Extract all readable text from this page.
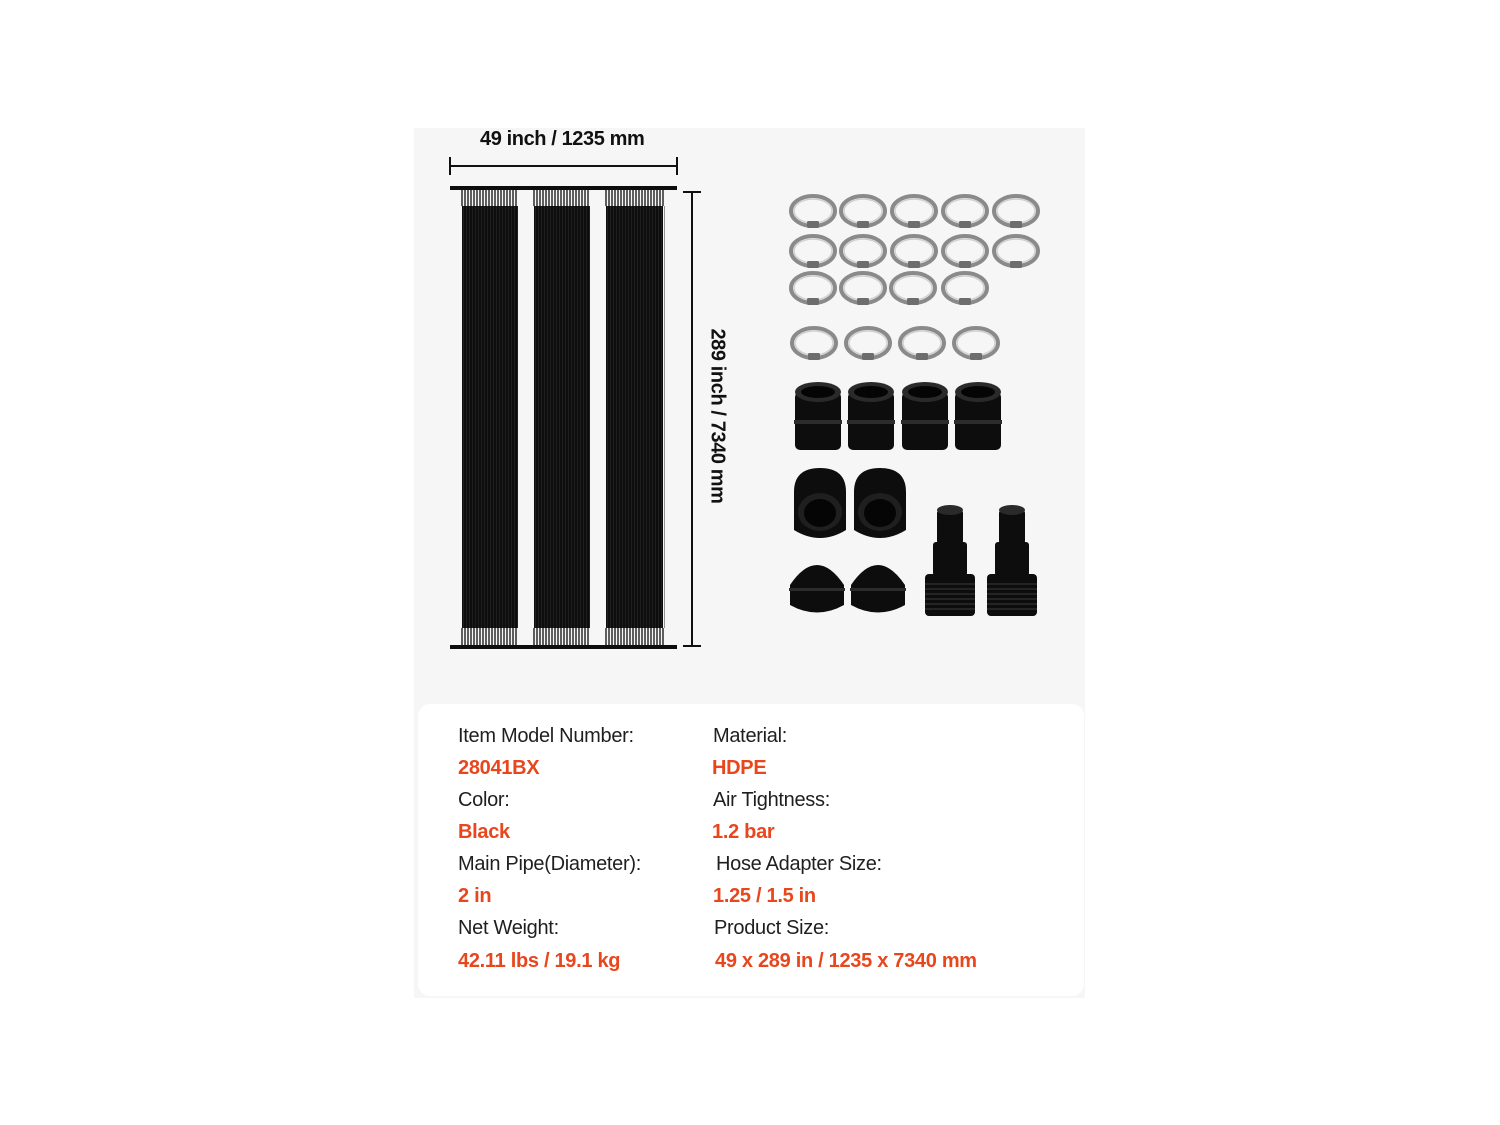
49 inch / 1235 mm
289 inch / 7340 mm
Item Model Number:
28041BX
Color:
Black
Main Pipe(Diameter):
2 in
Net Weight:
42.11 lbs / 19.1 kg
Material:
HDPE
Air Tightness:
1.2 bar
Hose Adapter Size:
1.25 / 1.5 in
Product Size:
49 x 289 in / 1235 x 7340 mm
